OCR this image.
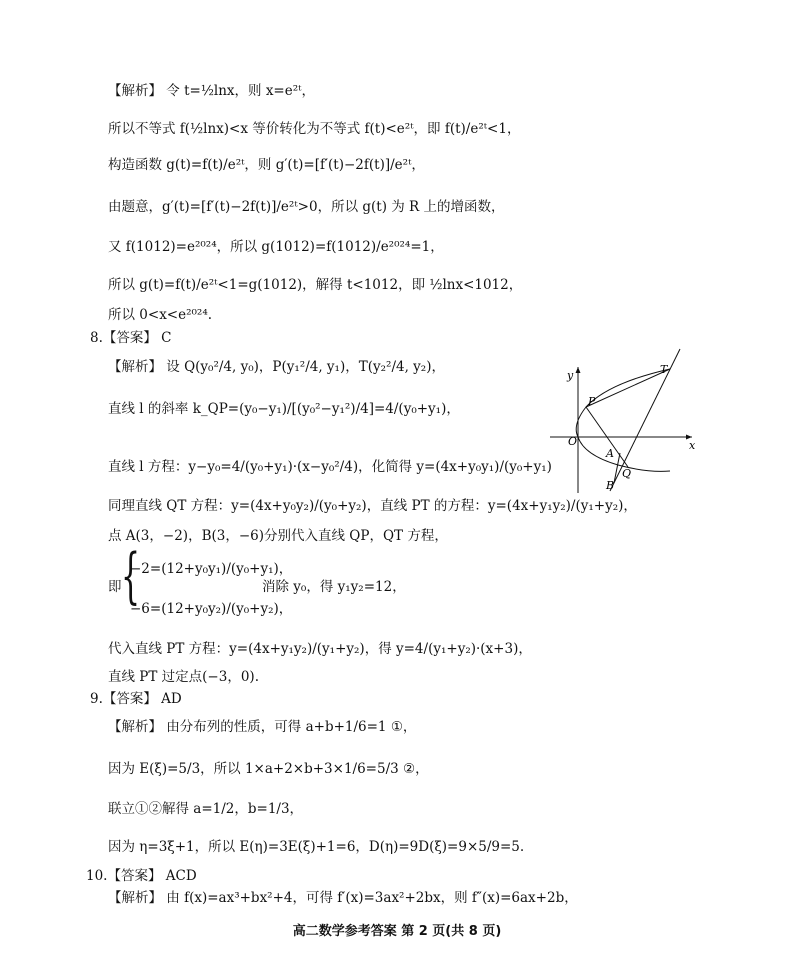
【解析】 令 t=½lnx，则 x=e²ᵗ，
所以不等式 f(½lnx)<x 等价转化为不等式 f(t)<e²ᵗ，即 f(t)/e²ᵗ<1，
构造函数 g(t)=f(t)/e²ᵗ，则 g′(t)=[f′(t)−2f(t)]/e²ᵗ，
由题意，g′(t)=[f′(t)−2f(t)]/e²ᵗ>0，所以 g(t) 为 R 上的增函数，
又 f(1012)=e²⁰²⁴，所以 g(1012)=f(1012)/e²⁰²⁴=1，
所以 g(t)=f(t)/e²ᵗ<1=g(1012)，解得 t<1012，即 ½lnx<1012，
所以 0<x<e²⁰²⁴.
8.【答案】 C
【解析】 设 Q(y₀²/4, y₀)，P(y₁²/4, y₁)，T(y₂²/4, y₂)，
直线 l 的斜率 k_QP=(y₀−y₁)/[(y₀²−y₁²)/4]=4/(y₀+y₁)，
直线 l 方程：y−y₀=4/(y₀+y₁)·(x−y₀²/4)，化简得 y=(4x+y₀y₁)/(y₀+y₁)
同理直线 QT 方程：y=(4x+y₀y₂)/(y₀+y₂)，直线 PT 的方程：y=(4x+y₁y₂)/(y₁+y₂)，
点 A(3，−2)，B(3，−6)分别代入直线 QP，QT 方程，
−2=(12+y₀y₁)/(y₀+y₁)，
即	消除 y₀，得 y₁y₂=12，
−6=(12+y₀y₂)/(y₀+y₂)，
代入直线 PT 方程：y=(4x+y₁y₂)/(y₁+y₂)，得 y=4/(y₁+y₂)·(x+3)，
直线 PT 过定点(−3，0).
9.【答案】 AD
【解析】 由分布列的性质，可得 a+b+1/6=1 ①，
因为 E(ξ)=5/3，所以 1×a+2×b+3×1/6=5/3 ②，
联立①②解得 a=1/2，b=1/3，
因为 η=3ξ+1，所以 E(η)=3E(ξ)+1=6，D(η)=9D(ξ)=9×5/9=5.
10.【答案】 ACD
【解析】 由 f(x)=ax³+bx²+4，可得 f′(x)=3ax²+2bx，则 f″(x)=6ax+2b，
{
y
x
O
P
T
A
Q
B
高二数学参考答案 第 2 页(共 8 页)
